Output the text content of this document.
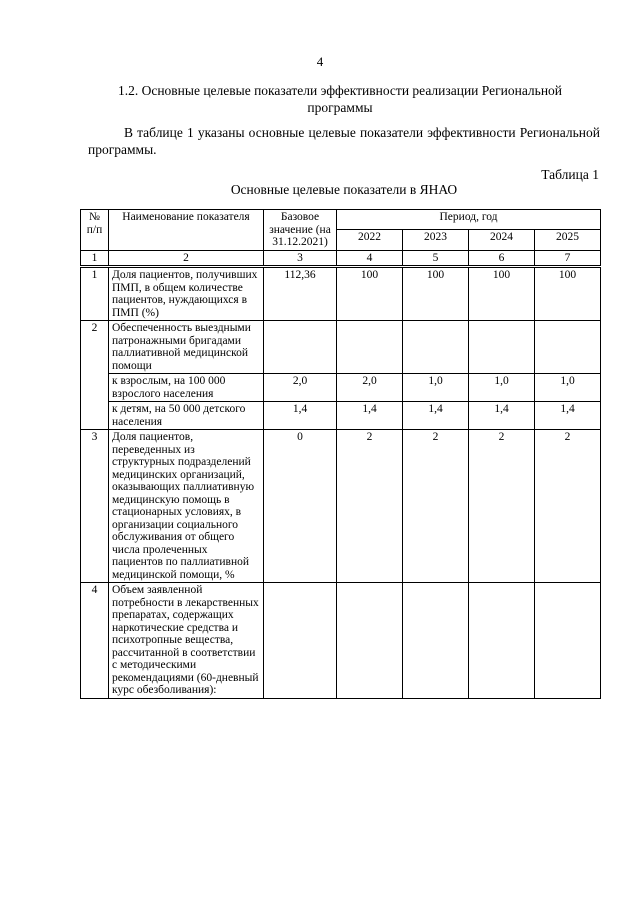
4
1.2. Основные целевые показатели эффективности реализации Региональной программы
В таблице 1 указаны основные целевые показатели эффективности Региональной программы.
Таблица 1
Основные целевые показатели в ЯНАО
№ п/п	Наименование показателя	Базовое значение (на 31.12.2021)	Период, год			
			2022	2023	2024	2025
1	2	3	4	5	6	7
1	Доля пациентов, получивших ПМП, в общем количестве пациентов, нуждающихся в ПМП (%)	112,36	100	100	100	100
2	Обеспеченность выездными патронажными бригадами паллиативной медицинской помощи					
	к взрослым, на 100 000 взрослого населения	2,0	2,0	1,0	1,0	1,0
	к детям, на 50 000 детского населения	1,4	1,4	1,4	1,4	1,4
3	Доля пациентов, переведенных из структурных подразделений медицинских организаций, оказывающих паллиативную медицинскую помощь в стационарных условиях, в организации социального обслуживания от общего числа пролеченных пациентов по паллиативной медицинской помощи, %	0	2	2	2	2
4	Объем заявленной потребности в лекарственных препаратах, содержащих наркотические средства и психотропные вещества, рассчитанной в соответствии с методическими рекомендациями (60-дневный курс обезболивания):					
